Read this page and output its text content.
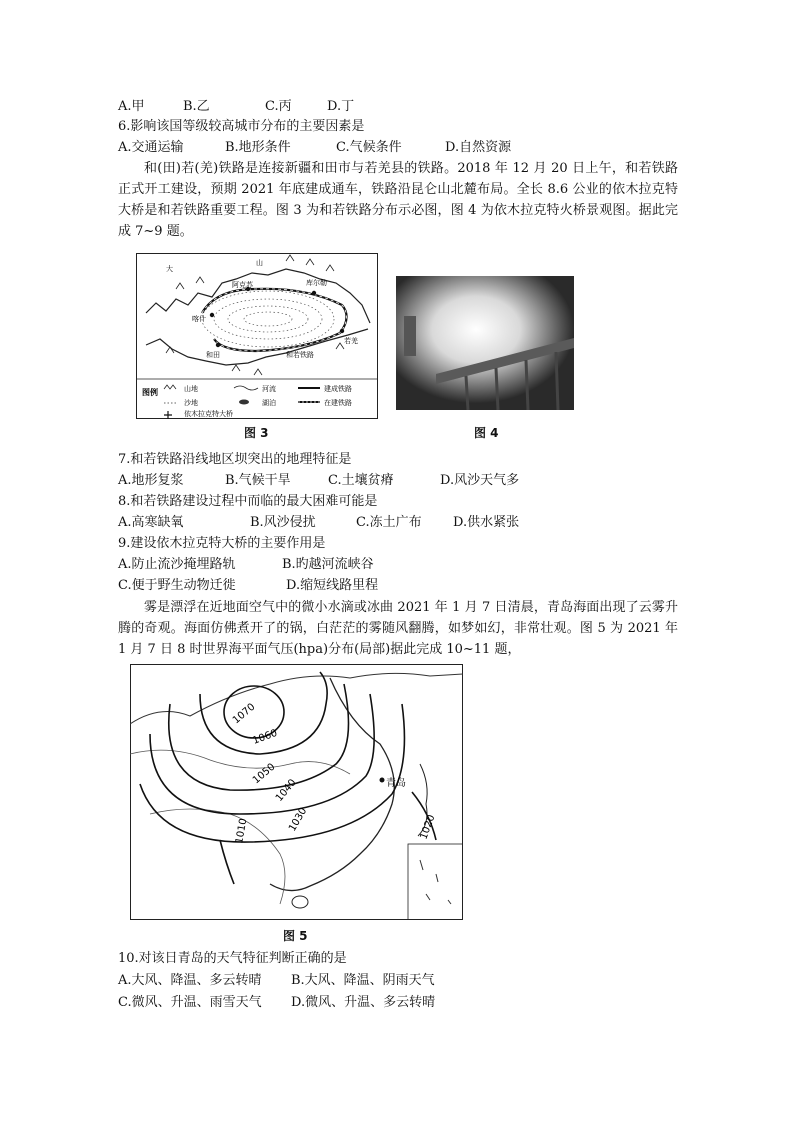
A.甲	B.乙	C.丙	D.丁
6.影响该国等级较高城市分布的主要因素是
A.交通运输	B.地形条件	C.气候条件	D.自然资源
和(田)若(羌)铁路是连接新疆和田市与若羌县的铁路。2018 年 12 月 20 日上午，和若铁路正式开工建设，预期 2021 年底建成通车，铁路沿昆仑山北麓布局。全长 8.6 公业的依木拉克特大桥是和若铁路重要工程。图 3 为和若铁路分布示必图，图 4 为依木拉克特火桥景观图。据此完成 7~9 题。
大
山
阿克苏	库尔勒
喀什
若羌
和田	和若铁路
图例	山地	河流	建成铁路
沙地	湖泊	在建铁路
依木拉克特大桥
图 3	图 4
7.和若铁路沿线地区坝突出的地理特征是
A.地形复浆	B.气候干旱	C.土壤贫瘠	D.风沙天气多
8.和若铁路建设过程中而临的最大困难可能是
A.高寒缺氧	B.风沙侵扰	C.冻土广布 D.供水紧张
9.建设依木拉克特大桥的主要作用是
A.防止流沙掩埋路轨	B.旳越河流峡谷
C.便于野生动物迁徙	D.缩短线路里程
雾是漂浮在近地面空气中的微小水滴或冰曲 2021 年 1 月 7 日清晨，青岛海面出现了云雾升腾的奇观。海面仿佛煮开了的锅，白茫茫的雾随风翻腾，如梦如幻，非常壮观。图 5 为 2021 年 1 月 7 日 8 时世界海平面气压(hpa)分布(局部)据此完成 10~11 题，
1070
1060
1050
1040
1030
1010	1020
青岛
图 5
10.对该日青岛的天气特征判断正确的是
A.大风、降温、多云转晴 B.大风、降温、阴雨天气
C.微风、升温、雨雪天气 D.微风、升温、多云转晴
